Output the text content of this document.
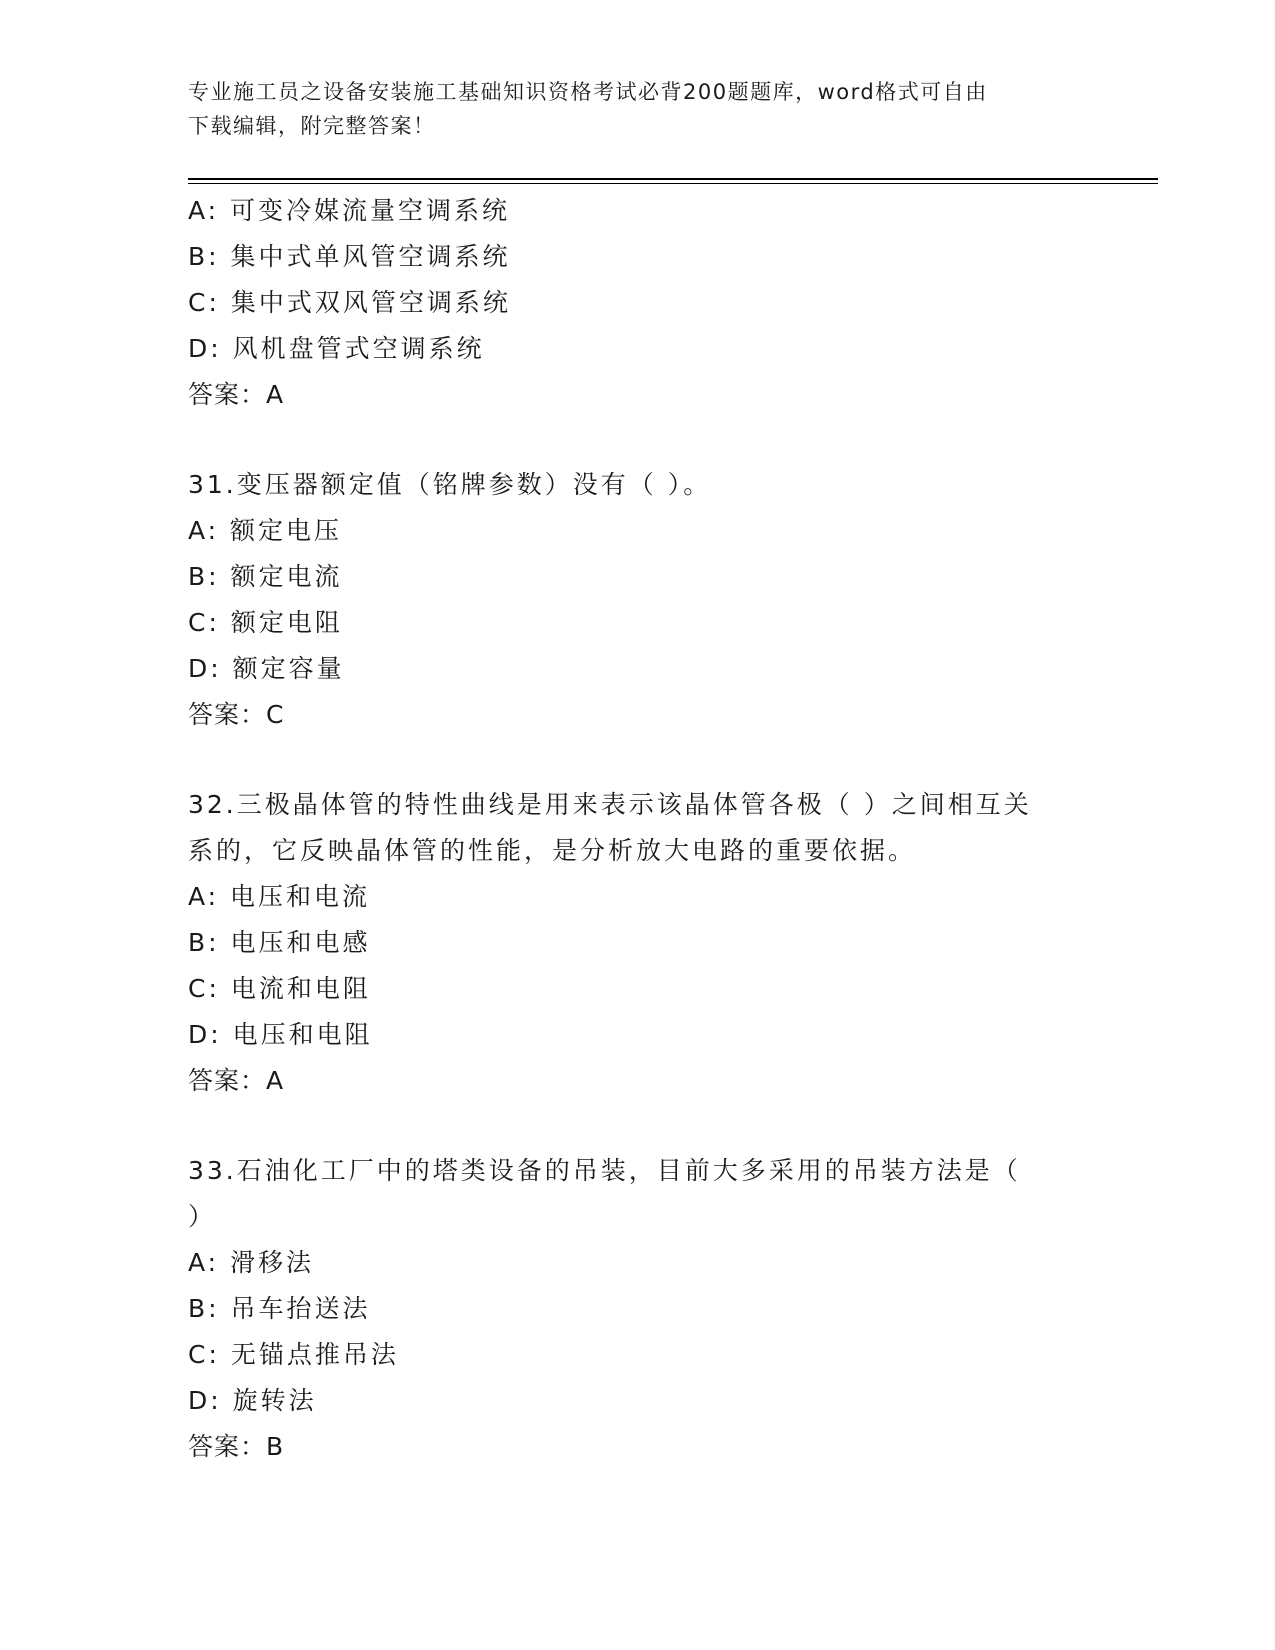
专业施工员之设备安装施工基础知识资格考试必背200题题库，word格式可自由
下载编辑，附完整答案！
A: 可变冷媒流量空调系统
B: 集中式单风管空调系统
C: 集中式双风管空调系统
D: 风机盘管式空调系统
答案：A
31.变压器额定值（铭牌参数）没有（ ）。
A: 额定电压
B: 额定电流
C: 额定电阻
D: 额定容量
答案：C
32.三极晶体管的特性曲线是用来表示该晶体管各极（ ）之间相互关
系的，它反映晶体管的性能，是分析放大电路的重要依据。
A: 电压和电流
B: 电压和电感
C: 电流和电阻
D: 电压和电阻
答案：A
33.石油化工厂中的塔类设备的吊装，目前大多采用的吊装方法是（
）
A: 滑移法
B: 吊车抬送法
C: 无锚点推吊法
D: 旋转法
答案：B
